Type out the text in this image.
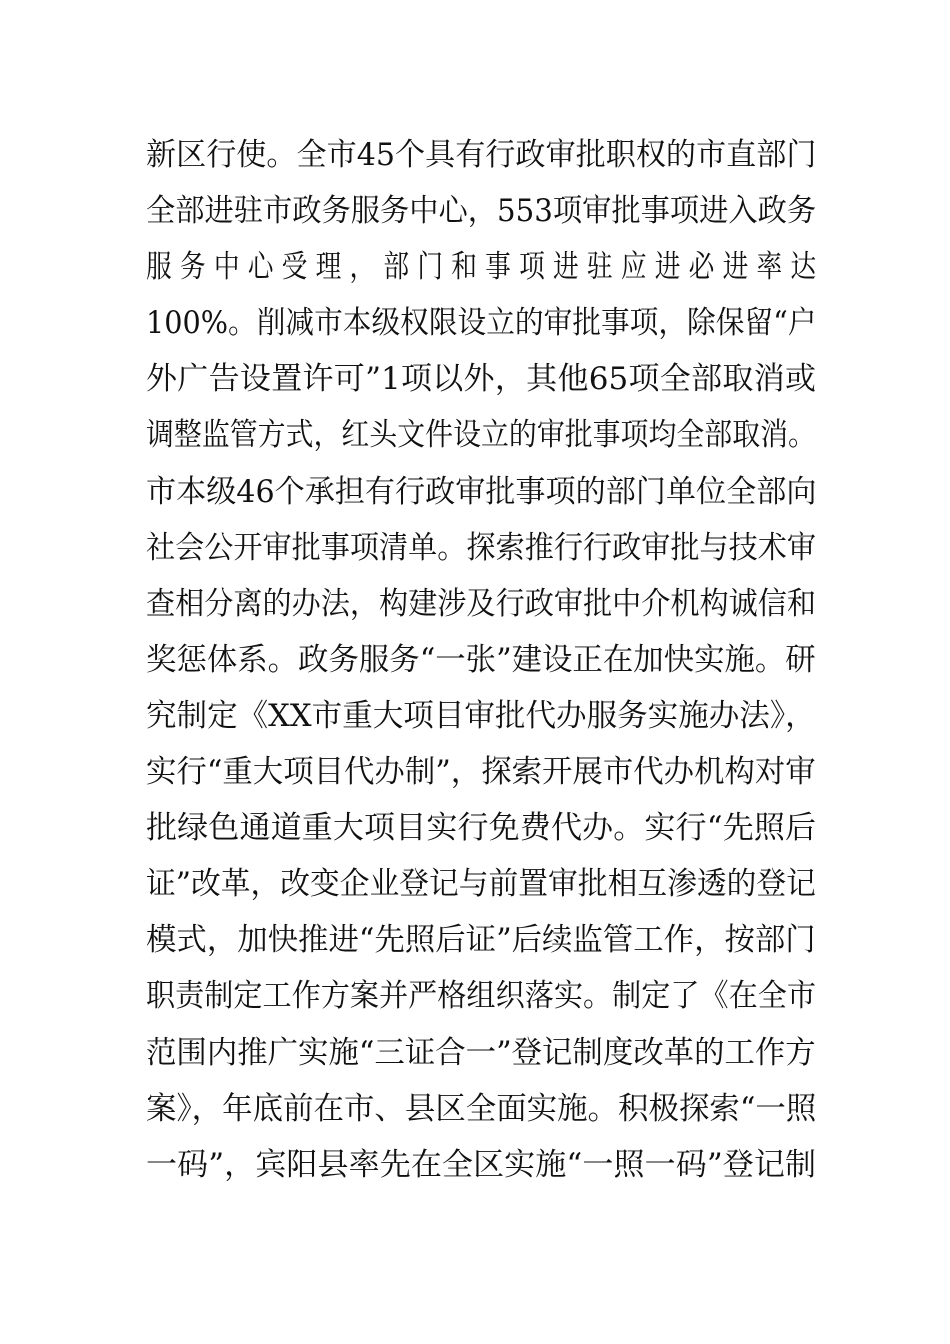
新区行使。全市45个具有行政审批职权的市直部门
全部进驻市政务服务中心，553项审批事项进入政务
服 务 中 心 受 理 ， 部 门 和 事 项 进 驻 应 进 必 进 率 达
100%。削减市本级权限设立的审批事项，除保留“户
外广告设置许可”1项以外，其他65项全部取消或
调整监管方式，红头文件设立的审批事项均全部取消。
市本级46个承担有行政审批事项的部门单位全部向
社会公开审批事项清单。探索推行行政审批与技术审
查相分离的办法，构建涉及行政审批中介机构诚信和
奖惩体系。政务服务“一张”建设正在加快实施。研
究制定《XX市重大项目审批代办服务实施办法》，
实行“重大项目代办制”，探索开展市代办机构对审
批绿色通道重大项目实行免费代办。实行“先照后
证”改革，改变企业登记与前置审批相互渗透的登记
模式，加快推进“先照后证”后续监管工作，按部门
职责制定工作方案并严格组织落实。制定了《在全市
范围内推广实施“三证合一”登记制度改革的工作方
案》，年底前在市、县区全面实施。积极探索“一照
一码”，宾阳县率先在全区实施“一照一码”登记制
